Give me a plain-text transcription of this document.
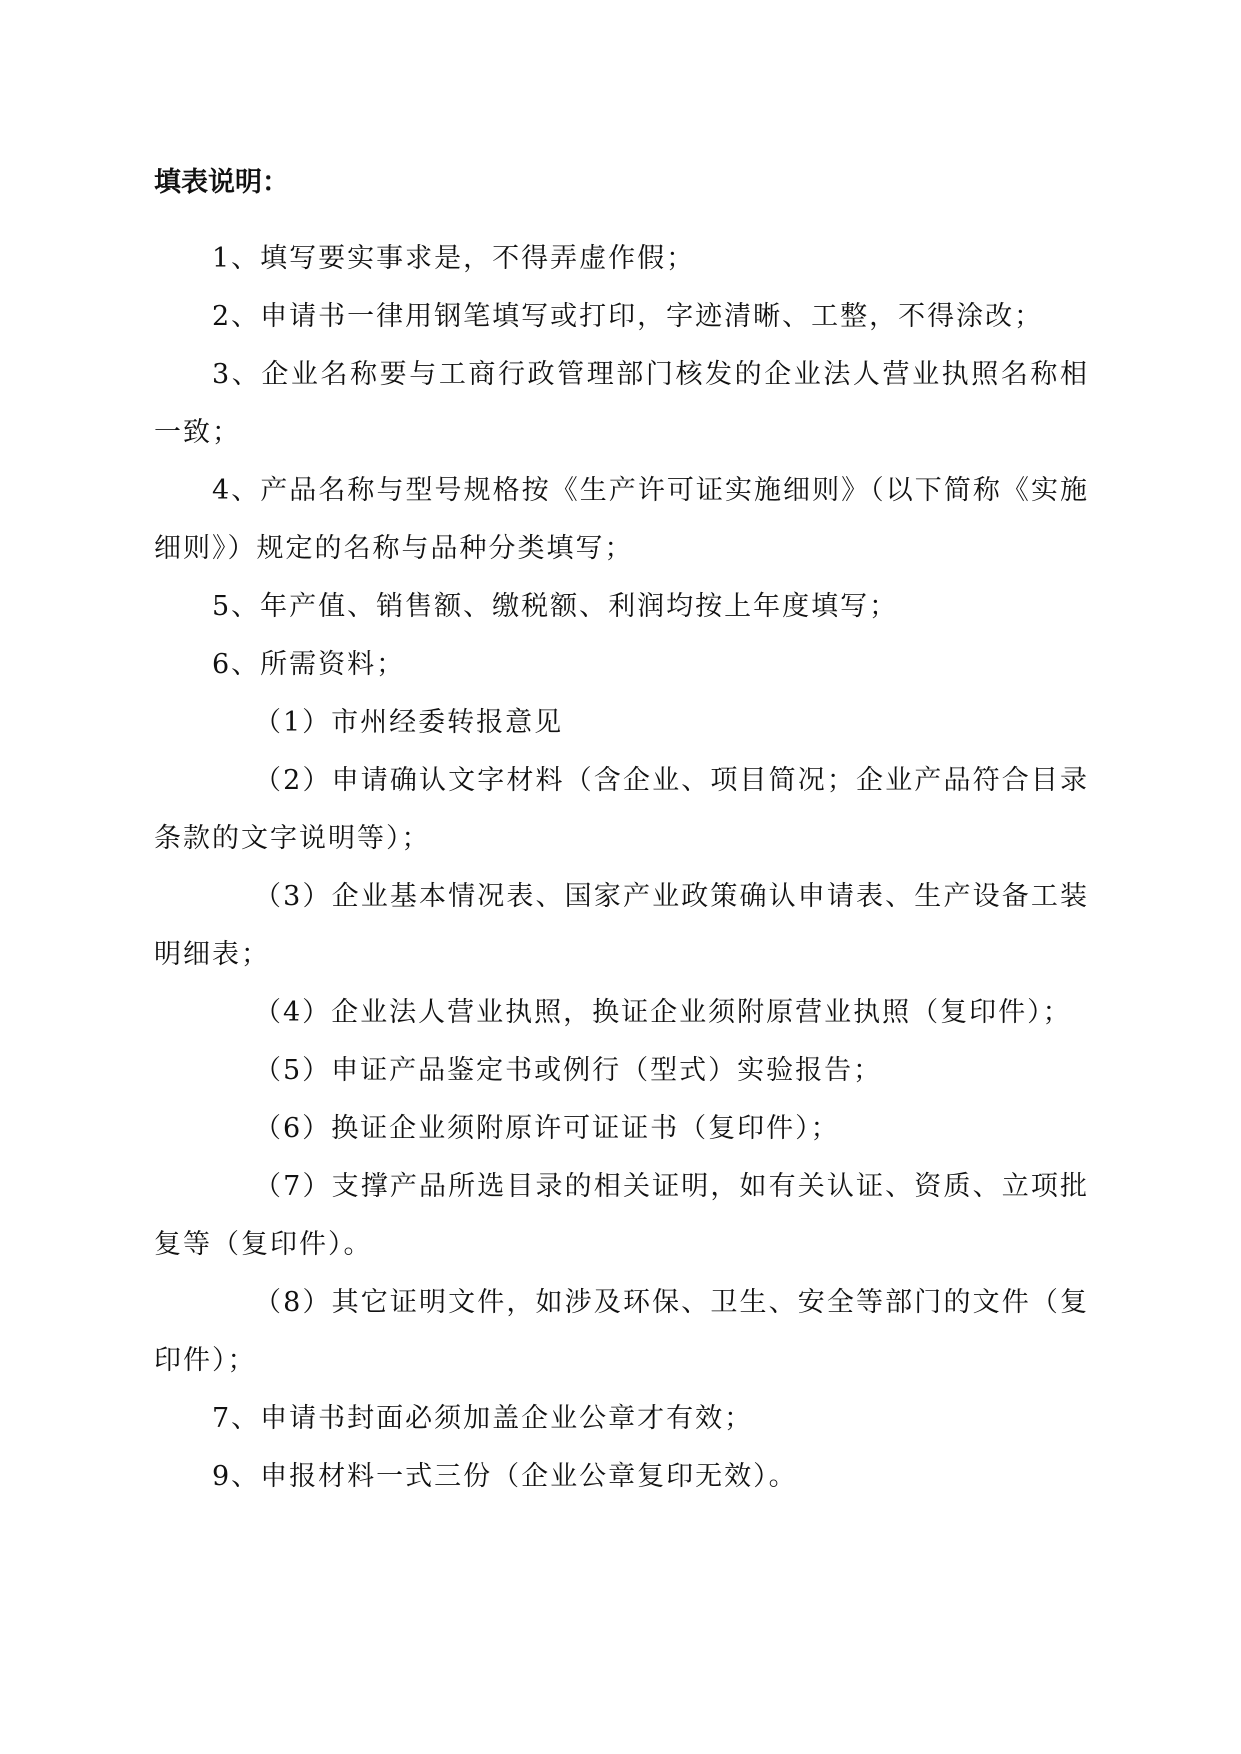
填表说明：

1、填写要实事求是，不得弄虚作假；

2、申请书一律用钢笔填写或打印，字迹清晰、工整，不得涂改；

3、企业名称要与工商行政管理部门核发的企业法人营业执照名称相一致；

4、产品名称与型号规格按《生产许可证实施细则》（以下简称《实施细则》）规定的名称与品种分类填写；

5、年产值、销售额、缴税额、利润均按上年度填写；

6、所需资料；

（1）市州经委转报意见

（2）申请确认文字材料（含企业、项目简况；企业产品符合目录条款的文字说明等）；

（3）企业基本情况表、国家产业政策确认申请表、生产设备工装明细表；

（4）企业法人营业执照，换证企业须附原营业执照（复印件）；

（5）申证产品鉴定书或例行（型式）实验报告；

（6）换证企业须附原许可证证书（复印件）；

（7）支撑产品所选目录的相关证明，如有关认证、资质、立项批复等（复印件）。

（8）其它证明文件，如涉及环保、卫生、安全等部门的文件（复印件）；

7、申请书封面必须加盖企业公章才有效；

9、申报材料一式三份（企业公章复印无效）。
